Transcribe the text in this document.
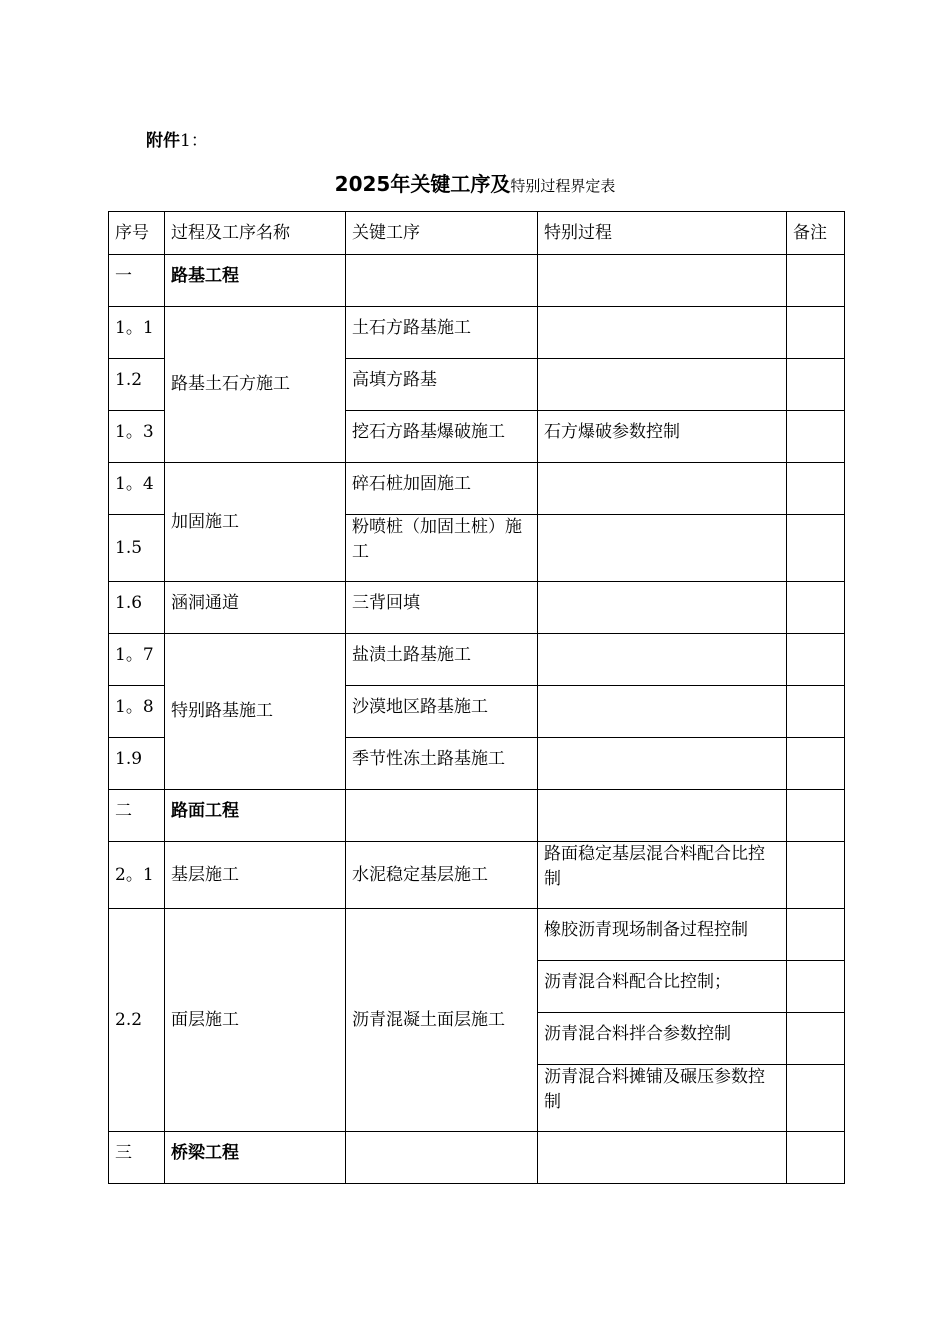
附件1：
2025年关键工序及特别过程界定表
序号	过程及工序名称	关键工序	特别过程	备注
一	路基工程			
1。1	路基土石方施工	土石方路基施工		
1.2		高填方路基		
1。3		挖石方路基爆破施工	石方爆破参数控制	
1。4	加固施工	碎石桩加固施工		
1.5		粉喷桩（加固土桩）施工		
1.6	涵洞通道	三背回填		
1。7	特别路基施工	盐渍土路基施工		
1。8		沙漠地区路基施工		
1.9		季节性冻土路基施工		
二	路面工程			
2。1	基层施工	水泥稳定基层施工	路面稳定基层混合料配合比控制	
2.2	面层施工	沥青混凝土面层施工	橡胶沥青现场制备过程控制	
			沥青混合料配合比控制；	
			沥青混合料拌合参数控制	
			沥青混合料摊铺及碾压参数控制	
三	桥梁工程			
